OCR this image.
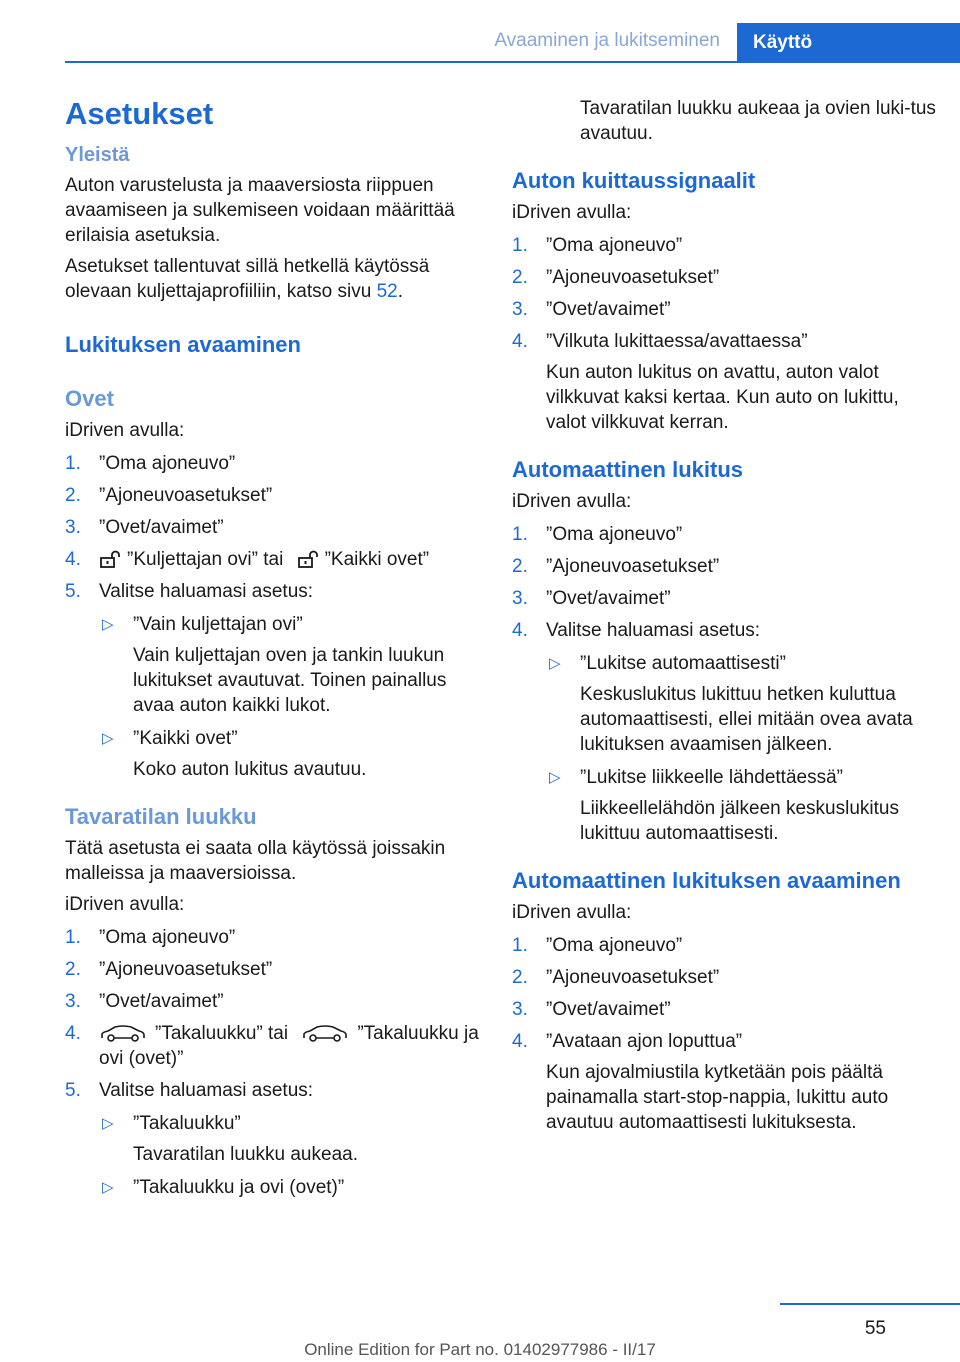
Avaaminen ja lukitseminen	Käyttö
Asetukset
Yleistä

Auton varustelusta ja maaversiosta riippuen avaamiseen ja sulkemiseen voidaan määrittää erilaisia asetuksia.

Asetukset tallentuvat sillä hetkellä käytössä olevaan kuljettajaprofiiliin, katso sivu 52.

Lukituksen avaaminen
Ovet

iDriven avulla:

1. ”Oma ajoneuvo”
2. ”Ajoneuvoasetukset”
3. ”Ovet/avaimet”
4. ”Kuljettajan ovi” tai ”Kaikki ovet”
5. Valitse haluamasi asetus:
▷ ”Vain kuljettajan ovi”
Vain kuljettajan oven ja tankin luukun lukitukset avautuvat. Toinen painallus avaa auton kaikki lukot.
▷ ”Kaikki ovet”
Koko auton lukitus avautuu.
Tavaratilan luukku

Tätä asetusta ei saata olla käytössä joissakin malleissa ja maaversioissa.

iDriven avulla:

1. ”Oma ajoneuvo”
2. ”Ajoneuvoasetukset”
3. ”Ovet/avaimet”
4.	”Takaluukku” tai	”Takaluukku ja ovi (ovet)”
5. Valitse haluamasi asetus:
▷ ”Takaluukku”
Tavaratilan luukku aukeaa.
▷ ”Takaluukku ja ovi (ovet)”

Tavaratilan luukku aukeaa ja ovien luki-tus avautuu.

Auton kuittaussignaalit

iDriven avulla:

1. ”Oma ajoneuvo”
2. ”Ajoneuvoasetukset”
3. ”Ovet/avaimet”
4. ”Vilkuta lukittaessa/avattaessa”
Kun auton lukitus on avattu, auton valot vilkkuvat kaksi kertaa. Kun auto on lukittu, valot vilkkuvat kerran.
Automaattinen lukitus

iDriven avulla:

1. ”Oma ajoneuvo”
2. ”Ajoneuvoasetukset”
3. ”Ovet/avaimet”
4. Valitse haluamasi asetus:
▷ ”Lukitse automaattisesti”
Keskuslukitus lukittuu hetken kuluttua automaattisesti, ellei mitään ovea avata lukituksen avaamisen jälkeen.
▷ ”Lukitse liikkeelle lähdettäessä”
Liikkeellelähdön jälkeen keskuslukitus lukittuu automaattisesti.
Automaattinen lukituksen avaaminen

iDriven avulla:

1. ”Oma ajoneuvo”
2. ”Ajoneuvoasetukset”
3. ”Ovet/avaimet”
4. ”Avataan ajon loputtua”
Kun ajovalmiustila kytketään pois päältä painamalla start-stop-nappia, lukittu auto avautuu automaattisesti lukituksesta.
55
Online Edition for Part no. 01402977986 - II/17
